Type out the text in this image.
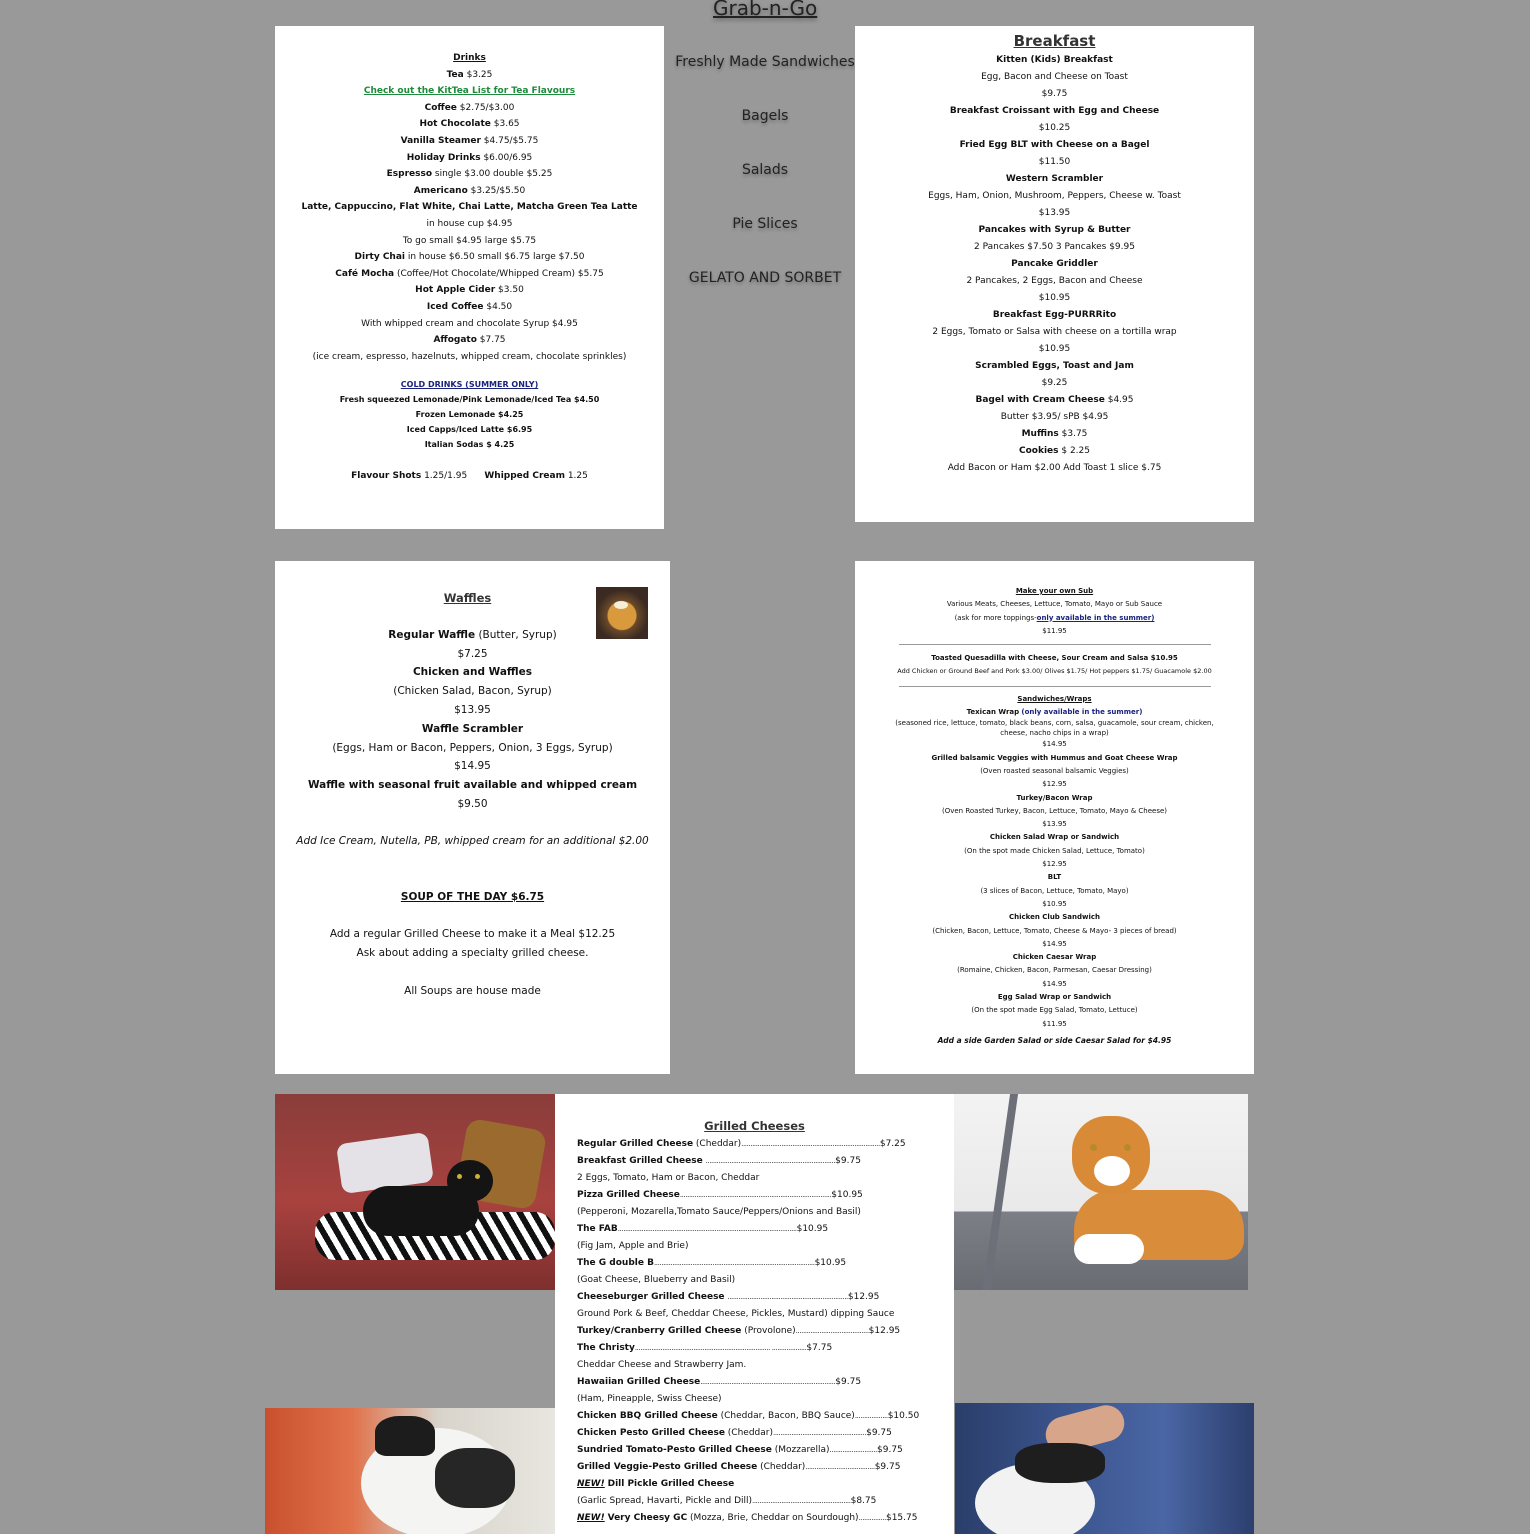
Grab-n-Go
Freshly Made Sandwiches
Bagels
Salads
Pie Slices
GELATO AND SORBET
Drinks
Tea $3.25
Check out the KitTea List for Tea Flavours
Coffee $2.75/$3.00
Hot Chocolate $3.65
Vanilla Steamer $4.75/$5.75
Holiday Drinks $6.00/6.95
Espresso single $3.00 double $5.25
Americano $3.25/$5.50
Latte, Cappuccino, Flat White, Chai Latte, Matcha Green Tea Latte
in house cup $4.95
To go small $4.95 large $5.75
Dirty Chai in house $6.50 small $6.75 large $7.50
Café Mocha (Coffee/Hot Chocolate/Whipped Cream) $5.75
Hot Apple Cider $3.50
Iced Coffee $4.50
With whipped cream and chocolate Syrup $4.95
Affogato $7.75
(ice cream, espresso, hazelnuts, whipped cream, chocolate sprinkles)
COLD DRINKS (SUMMER ONLY)
Fresh squeezed Lemonade/Pink Lemonade/Iced Tea $4.50
Frozen Lemonade $4.25
Iced Capps/Iced Latte $6.95
Italian Sodas $ 4.25
Flavour Shots 1.25/1.95 Whipped Cream 1.25
Breakfast
Kitten (Kids) Breakfast
Egg, Bacon and Cheese on Toast
$9.75
Breakfast Croissant with Egg and Cheese
$10.25
Fried Egg BLT with Cheese on a Bagel
$11.50
Western Scrambler
Eggs, Ham, Onion, Mushroom, Peppers, Cheese w. Toast
$13.95
Pancakes with Syrup & Butter
2 Pancakes $7.50 3 Pancakes $9.95
Pancake Griddler
2 Pancakes, 2 Eggs, Bacon and Cheese
$10.95
Breakfast Egg-PURRRito
2 Eggs, Tomato or Salsa with cheese on a tortilla wrap
$10.95
Scrambled Eggs, Toast and Jam
$9.25
Bagel with Cream Cheese $4.95
Butter $3.95/ sPB $4.95
Muffins $3.75
Cookies $ 2.25
Add Bacon or Ham $2.00 Add Toast 1 slice $.75
Waffles
Regular Waffle (Butter, Syrup)
$7.25
Chicken and Waffles
(Chicken Salad, Bacon, Syrup)
$13.95
Waffle Scrambler
(Eggs, Ham or Bacon, Peppers, Onion, 3 Eggs, Syrup)
$14.95
Waffle with seasonal fruit available and whipped cream
$9.50
Add Ice Cream, Nutella, PB, whipped cream for an additional $2.00
SOUP OF THE DAY $6.75
Add a regular Grilled Cheese to make it a Meal $12.25
Ask about adding a specialty grilled cheese.
All Soups are house made
Make your own Sub
Various Meats, Cheeses, Lettuce, Tomato, Mayo or Sub Sauce
(ask for more toppings-only available in the summer)
$11.95
Toasted Quesadilla with Cheese, Sour Cream and Salsa $10.95
Add Chicken or Ground Beef and Pork $3.00/ Olives $1.75/ Hot peppers $1.75/ Guacamole $2.00
Sandwiches/Wraps
Texican Wrap (only available in the summer)
(seasoned rice, lettuce, tomato, black beans, corn, salsa, guacamole, sour cream, chicken, cheese, nacho chips in a wrap)
$14.95
Grilled balsamic Veggies with Hummus and Goat Cheese Wrap
(Oven roasted seasonal balsamic Veggies)
$12.95
Turkey/Bacon Wrap
(Oven Roasted Turkey, Bacon, Lettuce, Tomato, Mayo & Cheese)
$13.95
Chicken Salad Wrap or Sandwich
(On the spot made Chicken Salad, Lettuce, Tomato)
$12.95
BLT
(3 slices of Bacon, Lettuce, Tomato, Mayo)
$10.95
Chicken Club Sandwich
(Chicken, Bacon, Lettuce, Tomato, Cheese & Mayo- 3 pieces of bread)
$14.95
Chicken Caesar Wrap
(Romaine, Chicken, Bacon, Parmesan, Caesar Dressing)
$14.95
Egg Salad Wrap or Sandwich
(On the spot made Egg Salad, Tomato, Lettuce)
$11.95
Add a side Garden Salad or side Caesar Salad for $4.95
Grilled Cheeses
Regular Grilled Cheese (Cheddar)............................................................................$7.25
Breakfast Grilled Cheese .......................................................................$9.75
2 Eggs, Tomato, Ham or Bacon, Cheddar
Pizza Grilled Cheese...................................................................................$10.95
(Pepperoni, Mozarella,Tomato Sauce/Peppers/Onions and Basil)
The FAB..................................................................................................$10.95
(Fig Jam, Apple and Brie)
The G double B........................................................................................$10.95
(Goat Cheese, Blueberry and Basil)
Cheeseburger Grilled Cheese ..................................................................$12.95
Ground Pork & Beef, Cheddar Cheese, Pickles, Mustard) dipping Sauce
Turkey/Cranberry Grilled Cheese (Provolone)........................................$12.95
The Christy.......................................................................... ...................$7.75
Cheddar Cheese and Strawberry Jam.
Hawaiian Grilled Cheese..........................................................................$9.75
(Ham, Pineapple, Swiss Cheese)
Chicken BBQ Grilled Cheese (Cheddar, Bacon, BBQ Sauce)..................$10.50
Chicken Pesto Grilled Cheese (Cheddar)...................................................$9.75
Sundried Tomato-Pesto Grilled Cheese (Mozzarella)..........................$9.75
Grilled Veggie-Pesto Grilled Cheese (Cheddar)......................................$9.75
NEW! Dill Pickle Grilled Cheese
(Garlic Spread, Havarti, Pickle and Dill)......................................................$8.75
NEW! Very Cheesy GC (Mozza, Brie, Cheddar on Sourdough)...............$15.75
